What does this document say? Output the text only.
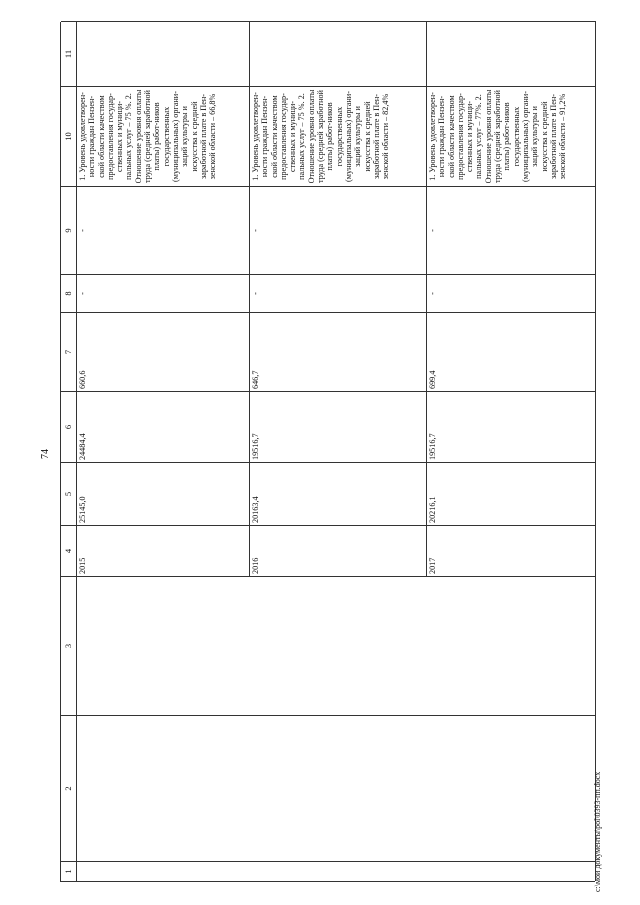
74
1
2
3
4
5
6
7
8
9
10
11
2015
25145,0
24484,4
660,6
-
-
1. Уровень удовлетворен-ности граждан Пензен-ской области качеством предоставления государ-ственных и муници-пальных услуг – 75 %. 2. Отношение уровня оплаты труда (средней заработной платы) работ-ников государственных (муниципальных) органи-заций культуры и искусства к средней заработной плате в Пен-зенской области – 66,8%
2016
20163,4
19516,7
646,7
-
-
1. Уровень удовлетворен-ности граждан Пензен-ской области качеством предоставления государ-ственных и муници-пальных услуг – 75 %. 2. Отношение уровня оплаты труда (средней заработной платы) работ-ников государственных (муниципальных) органи-заций культуры и искусства к средней заработной плате в Пен-зенской области – 82,4%
2017
20216,1
19516,7
699,4
-
-
1. Уровень удовлетворен-ности граждан Пензен-ской области качеством предоставления государ-ственных и муници-пальных услуг – 77%. 2. Отношение уровня оплаты труда (средней заработной платы) работ-ников государственных (муниципальных) органи-заций культуры и искусства к средней заработной плате в Пен-зенской области – 91,2%
c:\мои документы\pol\0393-пп.docx
